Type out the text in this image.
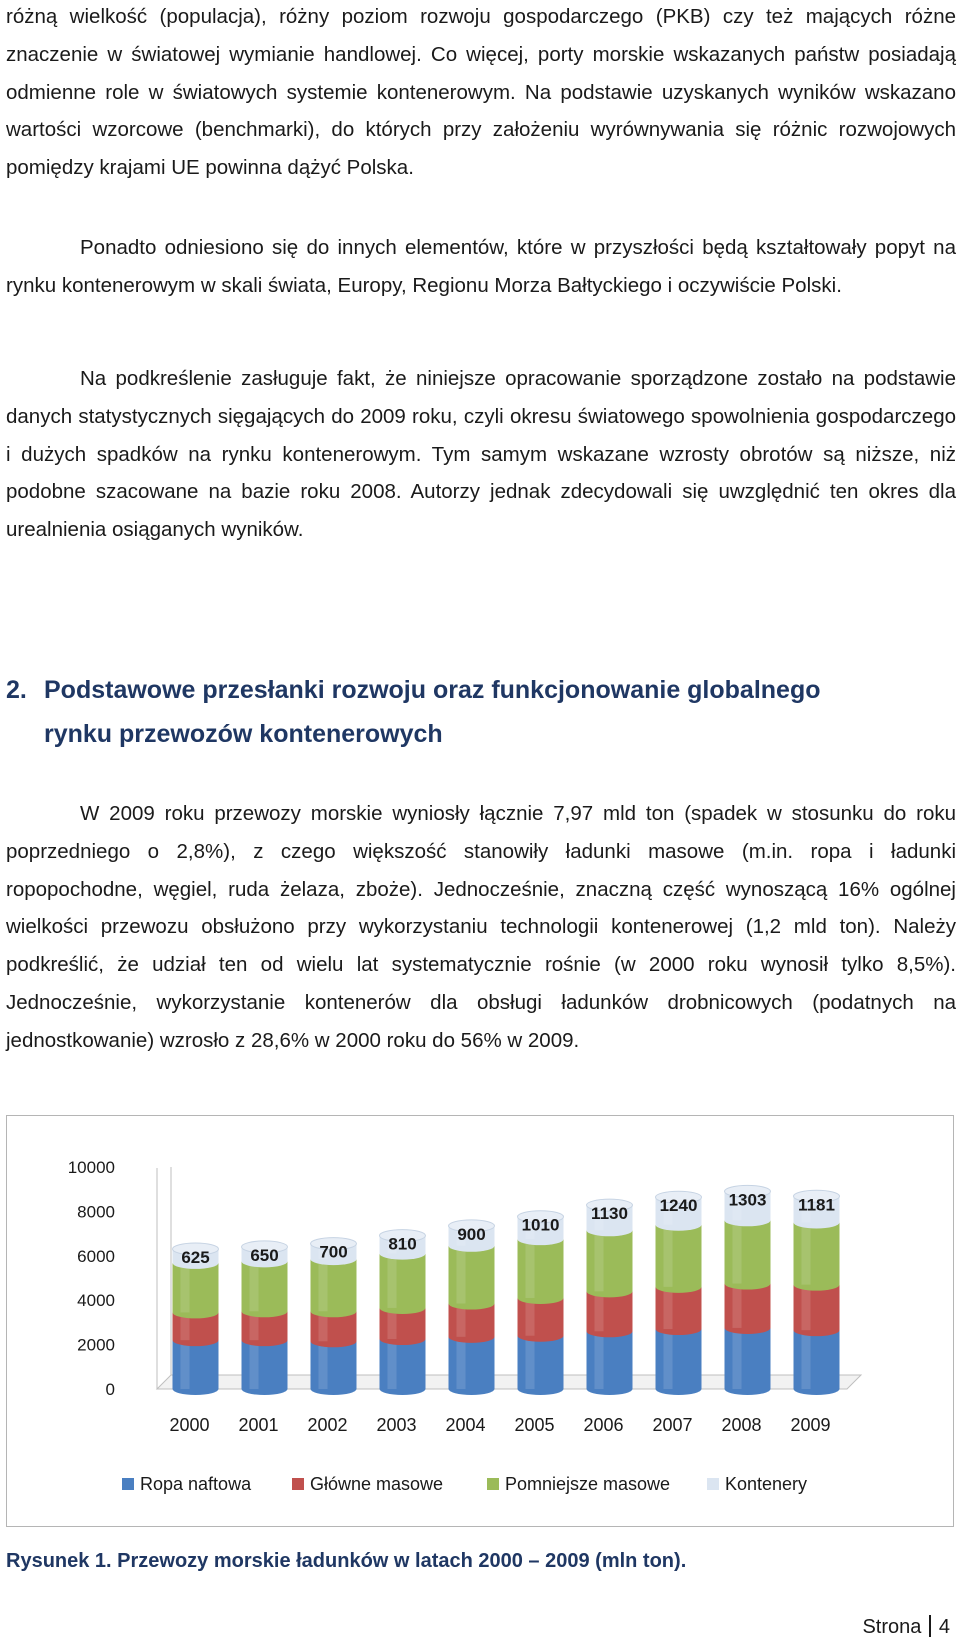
różną wielkość (populacja), różny poziom rozwoju gospodarczego (PKB) czy też mających różne znaczenie w światowej wymianie handlowej. Co więcej, porty morskie wskazanych państw posiadają odmienne role w światowych systemie kontenerowym. Na podstawie uzyskanych wyników wskazano wartości wzorcowe (benchmarki), do których przy założeniu wyrównywania się różnic rozwojowych pomiędzy krajami UE powinna dążyć Polska.

Ponadto odniesiono się do innych elementów, które w przyszłości będą kształtowały popyt na rynku kontenerowym w skali świata, Europy, Regionu Morza Bałtyckiego i oczywiście Polski.

Na podkreślenie zasługuje fakt, że niniejsze opracowanie sporządzone zostało na podstawie danych statystycznych sięgających do 2009 roku, czyli okresu światowego spowolnienia gospodarczego i dużych spadków na rynku kontenerowym. Tym samym wskazane wzrosty obrotów są niższe, niż podobne szacowane na bazie roku 2008. Autorzy jednak zdecydowali się uwzględnić ten okres dla urealnienia osiąganych wyników.

2. Podstawowe przesłanki rozwoju oraz funkcjonowanie globalnego
rynku przewozów kontenerowych

W 2009 roku przewozy morskie wyniosły łącznie 7,97 mld ton (spadek w stosunku do roku poprzedniego o 2,8%), z czego większość stanowiły ładunki masowe (m.in. ropa i ładunki ropopochodne, węgiel, ruda żelaza, zboże). Jednocześnie, znaczną część wynoszącą 16% ogólnej wielkości przewozu obsłużono przy wykorzystaniu technologii kontenerowej (1,2 mld ton). Należy podkreślić, że udział ten od wielu lat systematycznie rośnie (w 2000 roku wynosił tylko 8,5%). Jednocześnie, wykorzystanie kontenerów dla obsługi ładunków drobnicowych (podatnych na jednostkowanie) wzrosło z 28,6% w 2000 roku do 56% w 2009.

0
2000
4000
6000
8000
10000
625
2000
650
2001
700
2002
810
2003
900
2004
1010
2005
1130
2006
1240
2007
1303
2008
1181
2009
Ropa naftowa	Główne masowe	Pomniejsze masowe	Kontenery

Rysunek 1. Przewozy morskie ładunków w latach 2000 – 2009 (mln ton).

Strona 4
